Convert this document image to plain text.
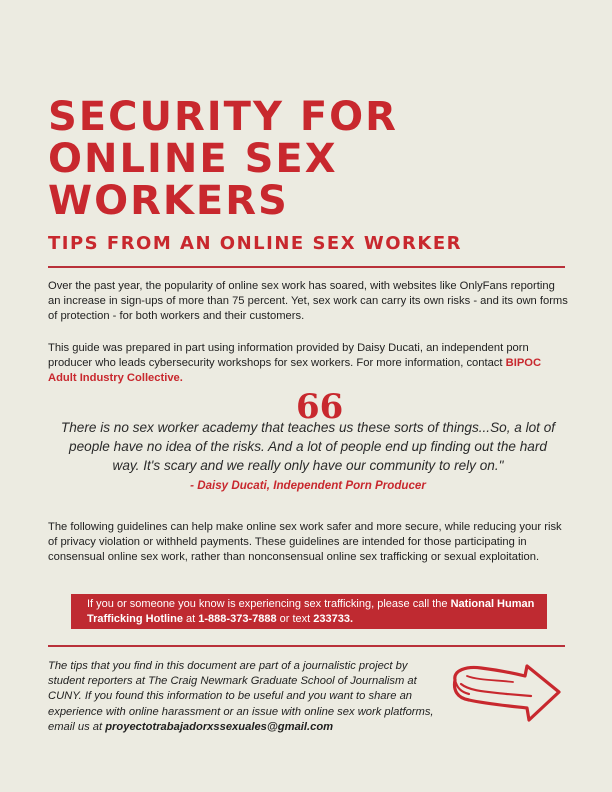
SECURITY FOR
ONLINE SEX
WORKERS
TIPS FROM AN ONLINE SEX WORKER
Over the past year, the popularity of online sex work has soared, with websites like OnlyFans reporting an increase in sign-ups of more than 75 percent. Yet, sex work can carry its own risks - and its own forms of protection - for both workers and their customers.
This guide was prepared in part using information provided by Daisy Ducati, an independent porn producer who leads cybersecurity workshops for sex workers. For more information, contact BIPOC Adult Industry Collective.
66
There is no sex worker academy that teaches us these sorts of things...So, a lot of people have no idea of the risks. And a lot of people end up finding out the hard way. It's scary and we really only have our community to rely on."
- Daisy Ducati, Independent Porn Producer
The following guidelines can help make online sex work safer and more secure, while reducing your risk of privacy violation or withheld payments. These guidelines are intended for those participating in consensual online sex work, rather than nonconsensual online sex trafficking or sexual exploitation.
If you or someone you know is experiencing sex trafficking, please call the National Human Trafficking Hotline at 1-888-373-7888 or text 233733.
The tips that you find in this document are part of a journalistic project by student reporters at The Craig Newmark Graduate School of Journalism at CUNY. If you found this information to be useful and you want to share an experience with online harassment or an issue with online sex work platforms, email us at proyectotrabajadorxssexuales@gmail.com
